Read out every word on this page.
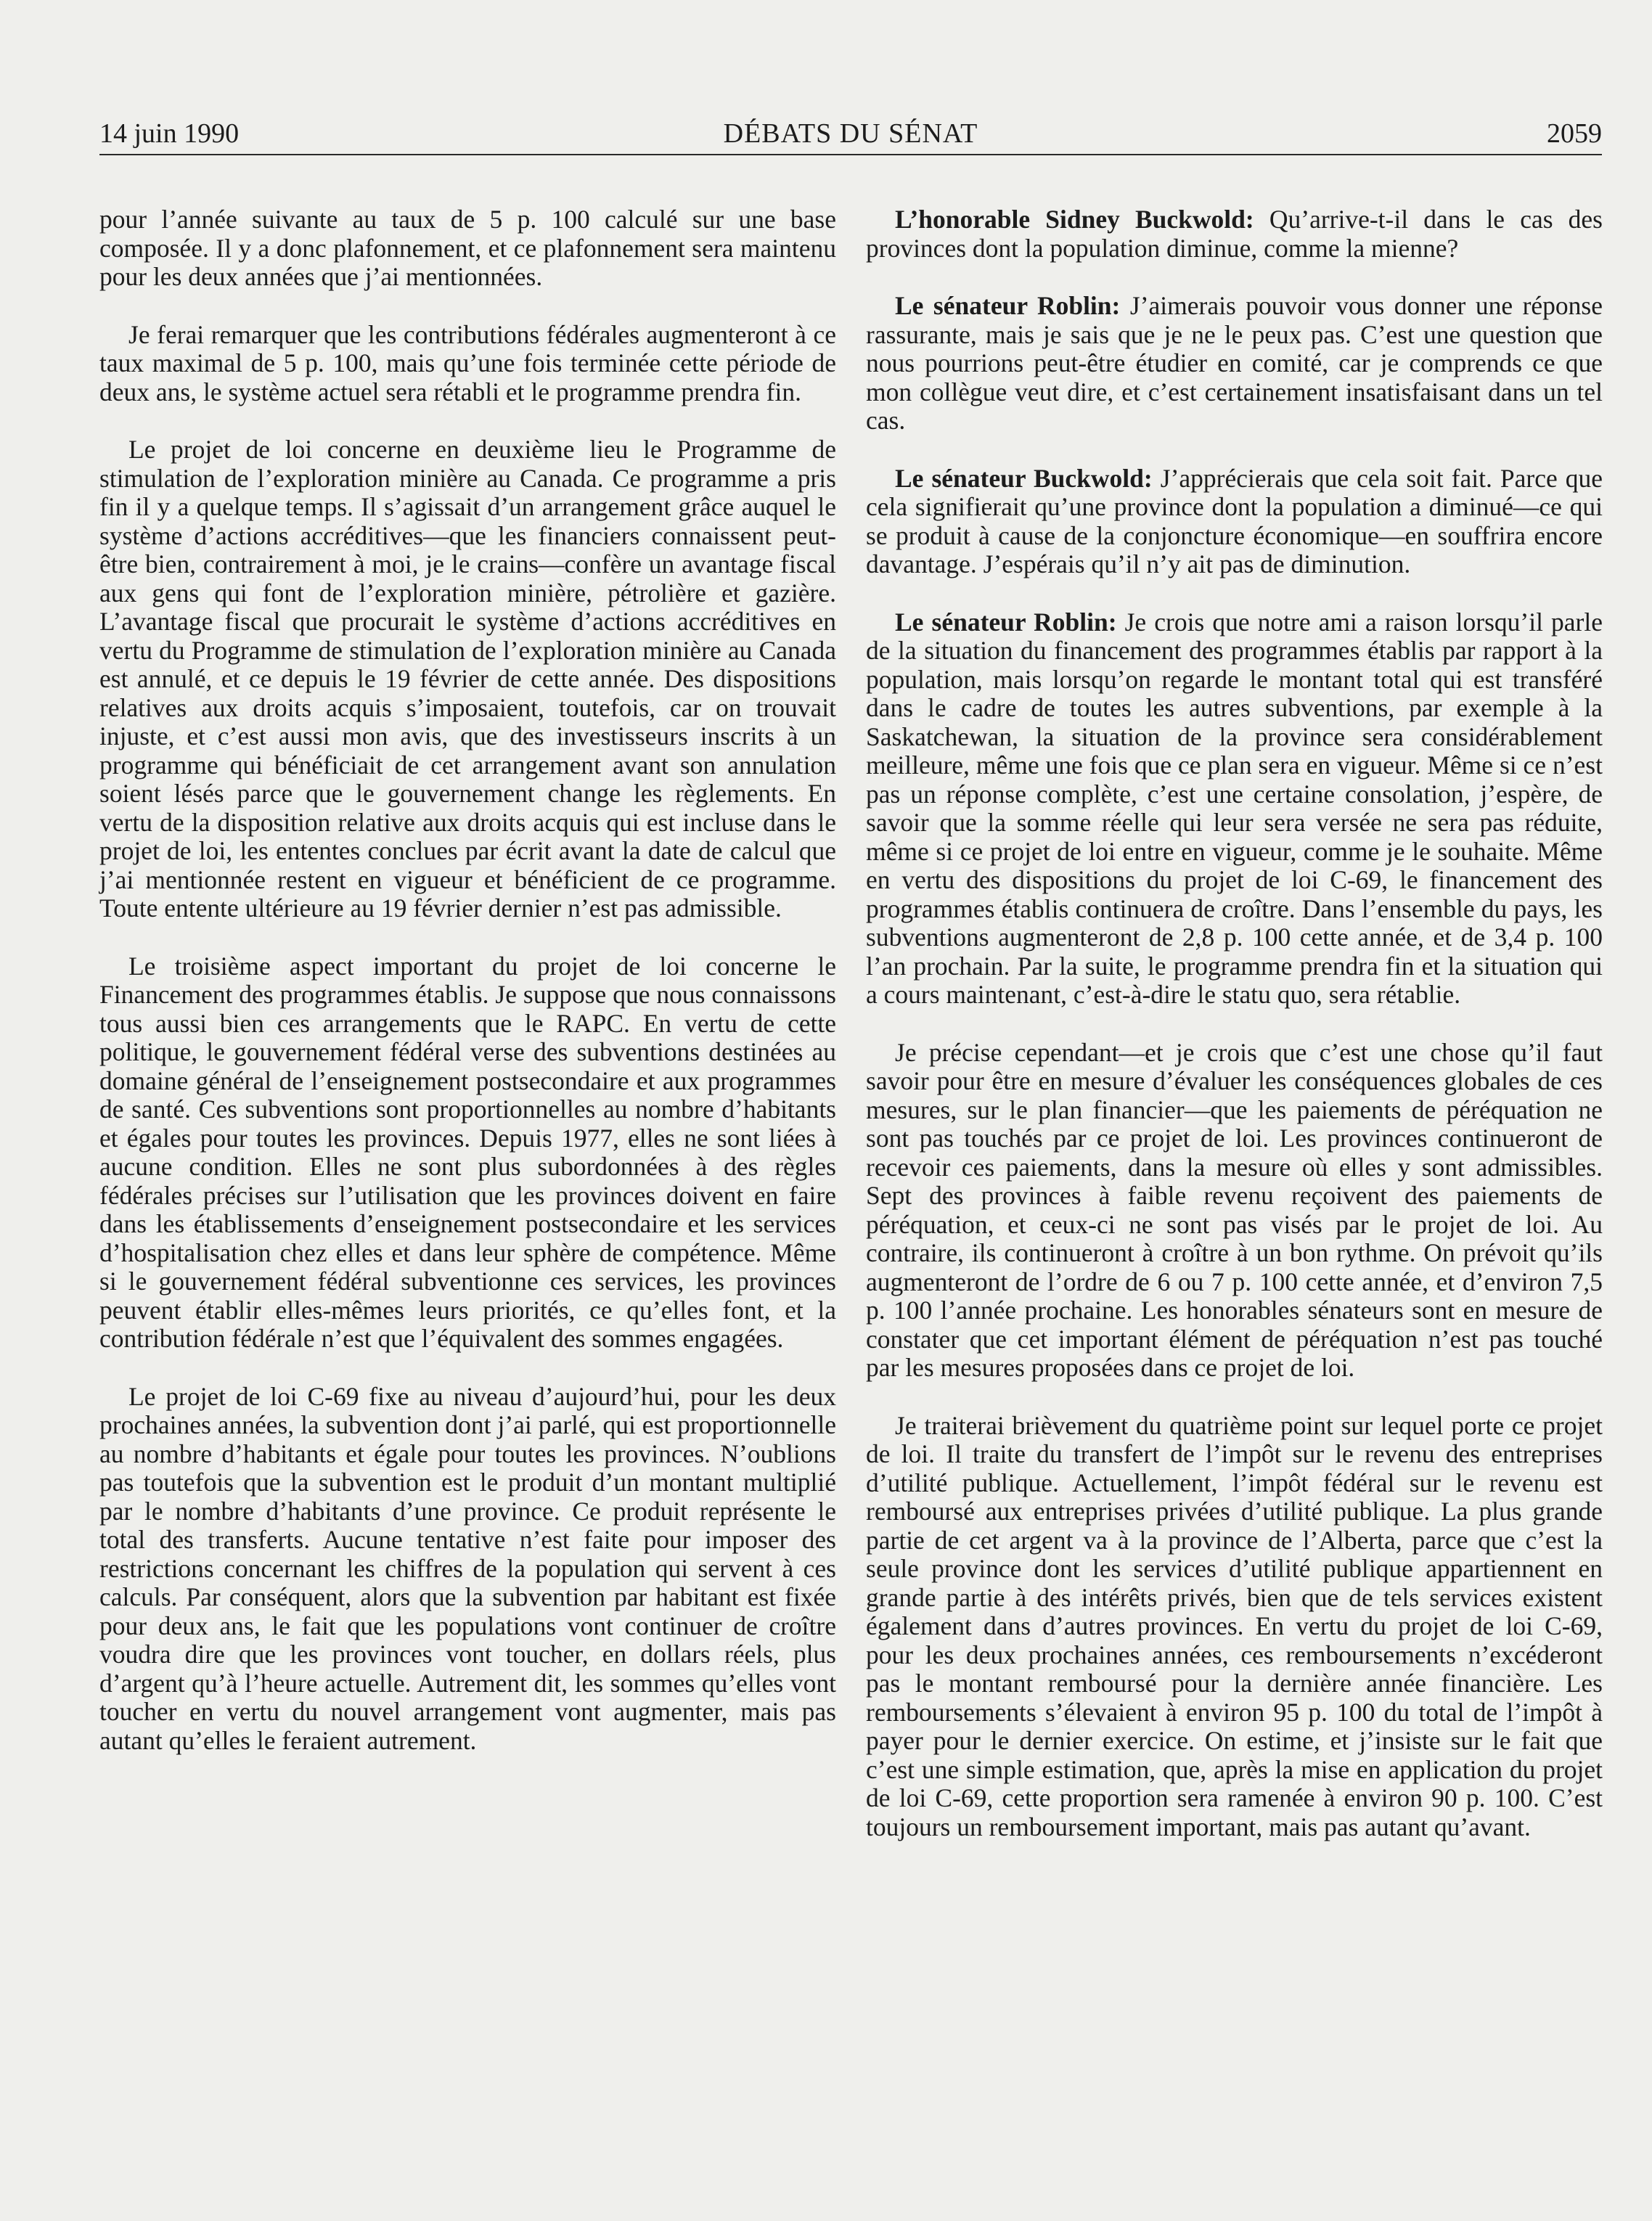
14 juin 1990	DÉBATS DU SÉNAT	2059

pour l’année suivante au taux de 5 p. 100 calculé sur une base composée. Il y a donc plafonnement, et ce plafonnement sera maintenu pour les deux années que j’ai mentionnées.

Je ferai remarquer que les contributions fédérales augmenteront à ce taux maximal de 5 p. 100, mais qu’une fois terminée cette période de deux ans, le système actuel sera rétabli et le programme prendra fin.

Le projet de loi concerne en deuxième lieu le Programme de stimulation de l’exploration minière au Canada. Ce programme a pris fin il y a quelque temps. Il s’agissait d’un arrangement grâce auquel le système d’actions accréditives—que les financiers connaissent peut-être bien, contrairement à moi, je le crains—confère un avantage fiscal aux gens qui font de l’exploration minière, pétrolière et gazière. L’avantage fiscal que procurait le système d’actions accréditives en vertu du Programme de stimulation de l’exploration minière au Canada est annulé, et ce depuis le 19 février de cette année. Des dispositions relatives aux droits acquis s’imposaient, toutefois, car on trouvait injuste, et c’est aussi mon avis, que des investisseurs inscrits à un programme qui bénéficiait de cet arrangement avant son annulation soient lésés parce que le gouvernement change les règlements. En vertu de la disposition relative aux droits acquis qui est incluse dans le projet de loi, les ententes conclues par écrit avant la date de calcul que j’ai mentionnée restent en vigueur et bénéficient de ce programme. Toute entente ultérieure au 19 février dernier n’est pas admissible.

Le troisième aspect important du projet de loi concerne le Financement des programmes établis. Je suppose que nous connaissons tous aussi bien ces arrangements que le RAPC. En vertu de cette politique, le gouvernement fédéral verse des subventions destinées au domaine général de l’enseignement postsecondaire et aux programmes de santé. Ces subventions sont proportionnelles au nombre d’habitants et égales pour toutes les provinces. Depuis 1977, elles ne sont liées à aucune condition. Elles ne sont plus subordonnées à des règles fédérales précises sur l’utilisation que les provinces doivent en faire dans les établissements d’enseignement postsecondaire et les services d’hospitalisation chez elles et dans leur sphère de compétence. Même si le gouvernement fédéral subventionne ces services, les provinces peuvent établir elles-mêmes leurs priorités, ce qu’elles font, et la contribution fédérale n’est que l’équivalent des sommes engagées.

Le projet de loi C-69 fixe au niveau d’aujourd’hui, pour les deux prochaines années, la subvention dont j’ai parlé, qui est proportionnelle au nombre d’habitants et égale pour toutes les provinces. N’oublions pas toutefois que la subvention est le produit d’un montant multiplié par le nombre d’habitants d’une province. Ce produit représente le total des transferts. Aucune tentative n’est faite pour imposer des restrictions concernant les chiffres de la population qui servent à ces calculs. Par conséquent, alors que la subvention par habitant est fixée pour deux ans, le fait que les populations vont continuer de croître voudra dire que les provinces vont toucher, en dollars réels, plus d’argent qu’à l’heure actuelle. Autrement dit, les sommes qu’elles vont toucher en vertu du nouvel arrangement vont augmenter, mais pas autant qu’elles le feraient autrement.

L’honorable Sidney Buckwold: Qu’arrive-t-il dans le cas des provinces dont la population diminue, comme la mienne?

Le sénateur Roblin: J’aimerais pouvoir vous donner une réponse rassurante, mais je sais que je ne le peux pas. C’est une question que nous pourrions peut-être étudier en comité, car je comprends ce que mon collègue veut dire, et c’est certainement insatisfaisant dans un tel cas.

Le sénateur Buckwold: J’apprécierais que cela soit fait. Parce que cela signifierait qu’une province dont la population a diminué—ce qui se produit à cause de la conjoncture économique—en souffrira encore davantage. J’espérais qu’il n’y ait pas de diminution.

Le sénateur Roblin: Je crois que notre ami a raison lorsqu’il parle de la situation du financement des programmes établis par rapport à la population, mais lorsqu’on regarde le montant total qui est transféré dans le cadre de toutes les autres subventions, par exemple à la Saskatchewan, la situation de la province sera considérablement meilleure, même une fois que ce plan sera en vigueur. Même si ce n’est pas un réponse complète, c’est une certaine consolation, j’espère, de savoir que la somme réelle qui leur sera versée ne sera pas réduite, même si ce projet de loi entre en vigueur, comme je le souhaite. Même en vertu des dispositions du projet de loi C-69, le financement des programmes établis continuera de croître. Dans l’ensemble du pays, les subventions augmenteront de 2,8 p. 100 cette année, et de 3,4 p. 100 l’an prochain. Par la suite, le programme prendra fin et la situation qui a cours maintenant, c’est-à-dire le statu quo, sera rétablie.

Je précise cependant—et je crois que c’est une chose qu’il faut savoir pour être en mesure d’évaluer les conséquences globales de ces mesures, sur le plan financier—que les paiements de péréquation ne sont pas touchés par ce projet de loi. Les provinces continueront de recevoir ces paiements, dans la mesure où elles y sont admissibles. Sept des provinces à faible revenu reçoivent des paiements de péréquation, et ceux-ci ne sont pas visés par le projet de loi. Au contraire, ils continueront à croître à un bon rythme. On prévoit qu’ils augmenteront de l’ordre de 6 ou 7 p. 100 cette année, et d’environ 7,5 p. 100 l’année prochaine. Les honorables sénateurs sont en mesure de constater que cet important élément de péréquation n’est pas touché par les mesures proposées dans ce projet de loi.

Je traiterai brièvement du quatrième point sur lequel porte ce projet de loi. Il traite du transfert de l’impôt sur le revenu des entreprises d’utilité publique. Actuellement, l’impôt fédéral sur le revenu est remboursé aux entreprises privées d’utilité publique. La plus grande partie de cet argent va à la province de l’Alberta, parce que c’est la seule province dont les services d’utilité publique appartiennent en grande partie à des intérêts privés, bien que de tels services existent également dans d’autres provinces. En vertu du projet de loi C-69, pour les deux prochaines années, ces remboursements n’excéderont pas le montant remboursé pour la dernière année financière. Les remboursements s’élevaient à environ 95 p. 100 du total de l’impôt à payer pour le dernier exercice. On estime, et j’insiste sur le fait que c’est une simple estimation, que, après la mise en application du projet de loi C-69, cette proportion sera ramenée à environ 90 p. 100. C’est toujours un remboursement important, mais pas autant qu’avant.
